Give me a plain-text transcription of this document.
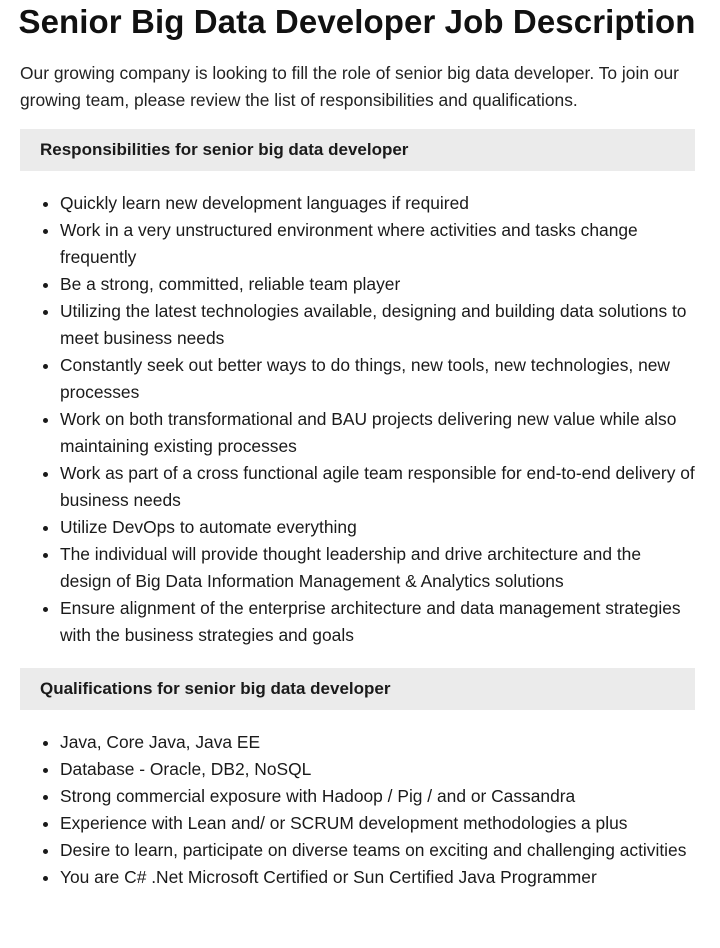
Senior Big Data Developer Job Description

Our growing company is looking to fill the role of senior big data developer. To join our growing team, please review the list of responsibilities and qualifications.

Responsibilities for senior big data developer
• Quickly learn new development languages if required
• Work in a very unstructured environment where activities and tasks change frequently
• Be a strong, committed, reliable team player
• Utilizing the latest technologies available, designing and building data solutions to meet business needs
• Constantly seek out better ways to do things, new tools, new technologies, new processes
• Work on both transformational and BAU projects delivering new value while also maintaining existing processes
• Work as part of a cross functional agile team responsible for end-to-end delivery of business needs
• Utilize DevOps to automate everything
• The individual will provide thought leadership and drive architecture and the design of Big Data Information Management & Analytics solutions
• Ensure alignment of the enterprise architecture and data management strategies with the business strategies and goals
Qualifications for senior big data developer
• Java, Core Java, Java EE
• Database - Oracle, DB2, NoSQL
• Strong commercial exposure with Hadoop / Pig / and or Cassandra
• Experience with Lean and/ or SCRUM development methodologies a plus
• Desire to learn, participate on diverse teams on exciting and challenging activities
• You are C# .Net Microsoft Certified or Sun Certified Java Programmer
